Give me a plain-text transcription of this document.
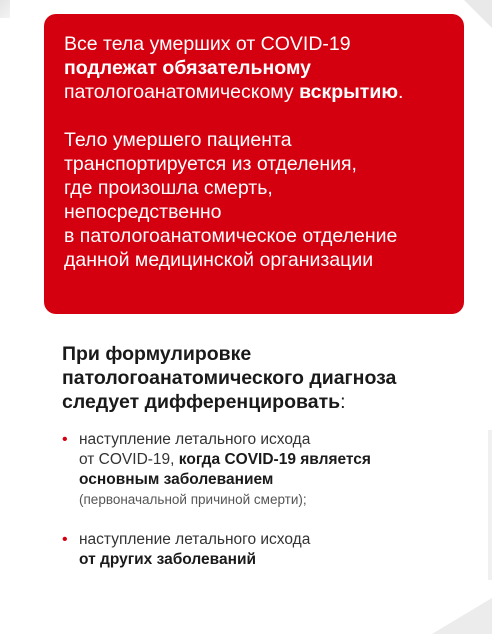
Все тела умерших от COVID-19
подлежат обязательному
патологоанатомическому вскрытию.

Тело умершего пациента
транспортируется из отделения,
где произошла смерть,
непосредственно
в патологоанатомическое отделение
данной медицинской организации

При формулировке
патологоанатомического диагноза
следует дифференцировать:
• наступление летального исхода
от COVID-19, когда COVID-19 является
основным заболеванием
(первоначальной причиной смерти);
• наступление летального исхода
от других заболеваний
